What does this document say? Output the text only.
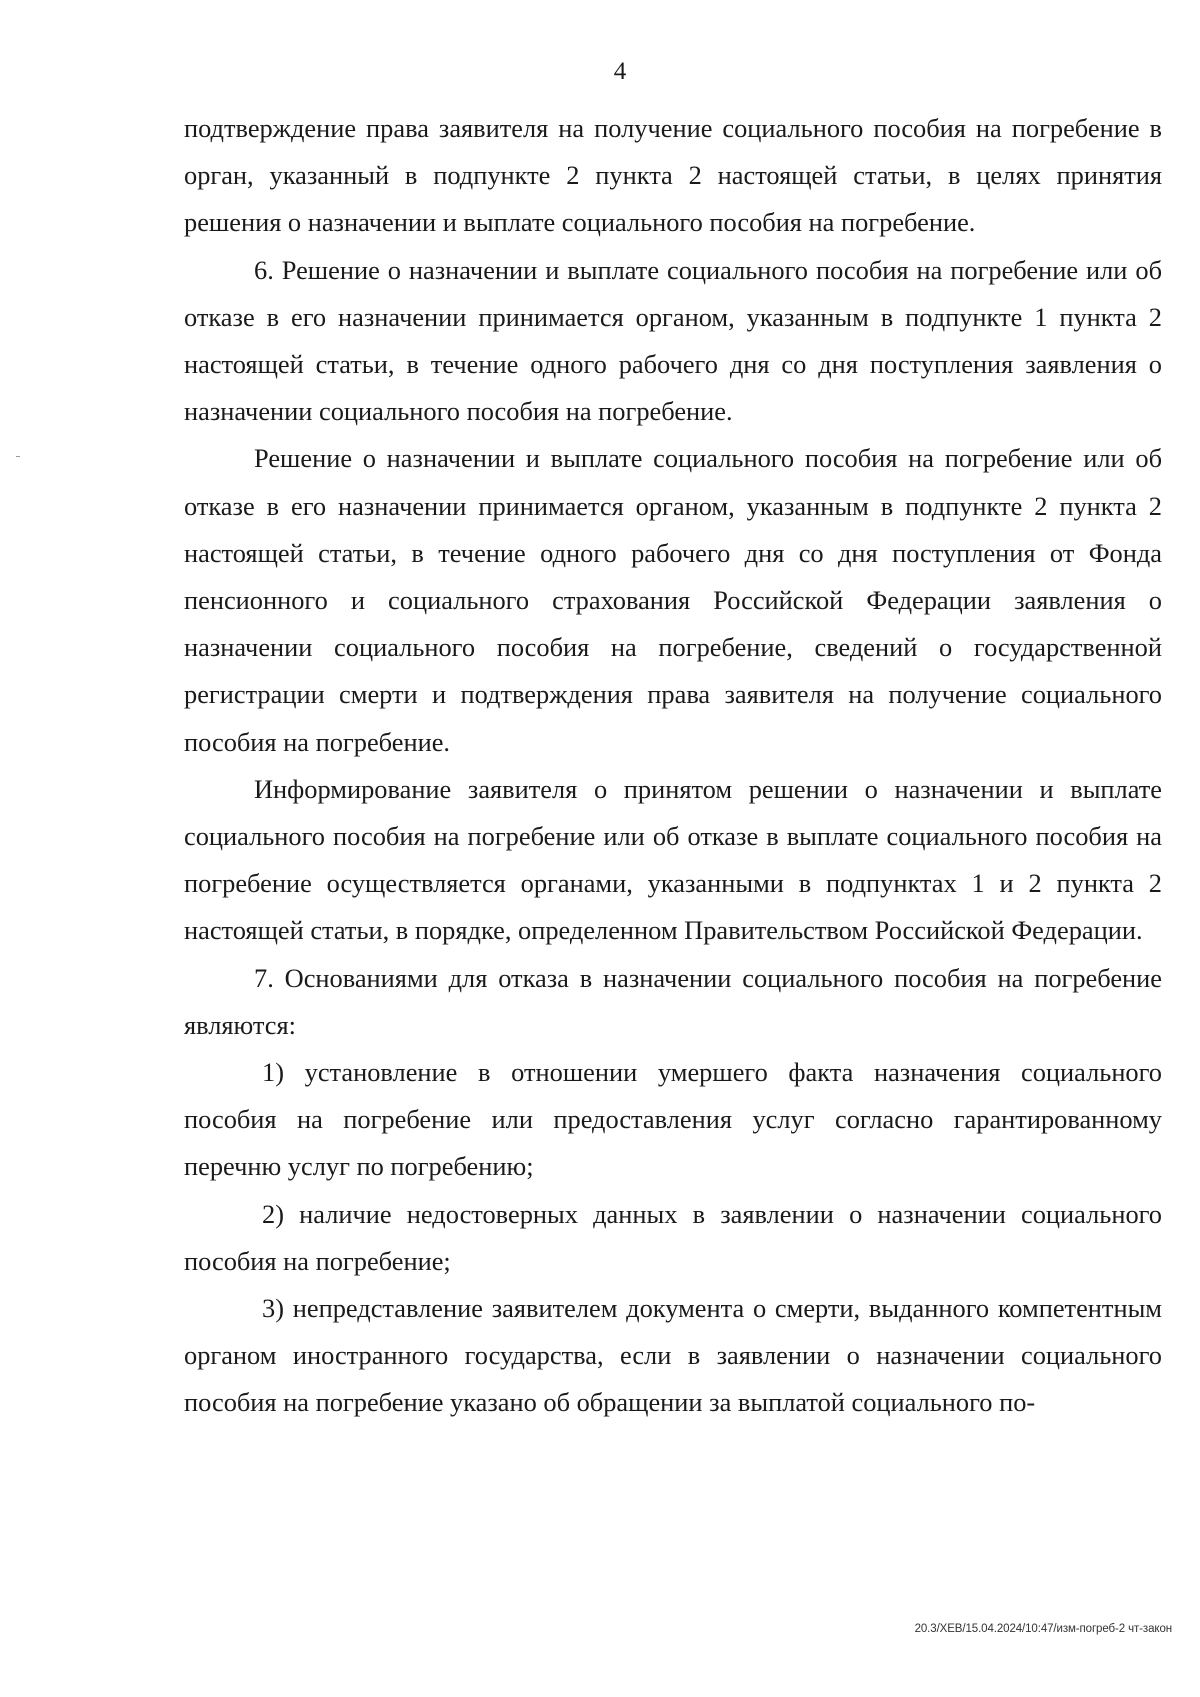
4

подтверждение права заявителя на получение социального пособия на погребение в орган, указанный в подпункте 2 пункта 2 настоящей статьи, в целях принятия решения о назначении и выплате социального пособия на погребение.

6. Решение о назначении и выплате социального пособия на погребение или об отказе в его назначении принимается органом, указанным в подпункте 1 пункта 2 настоящей статьи, в течение одного рабочего дня со дня поступления заявления о назначении социального пособия на погребение.

Решение о назначении и выплате социального пособия на погребение или об отказе в его назначении принимается органом, указанным в подпункте 2 пункта 2 настоящей статьи, в течение одного рабочего дня со дня поступления от Фонда пенсионного и социального страхования Российской Федерации заявления о назначении социального пособия на погребение, сведений о государственной регистрации смерти и подтверждения права заявителя на получение социального пособия на погребение.

Информирование заявителя о принятом решении о назначении и выплате социального пособия на погребение или об отказе в выплате социального пособия на погребение осуществляется органами, указанными в подпунктах 1 и 2 пункта 2 настоящей статьи, в порядке, определенном Правительством Российской Федерации.

7. Основаниями для отказа в назначении социального пособия на погребение являются:

1) установление в отношении умершего факта назначения социального пособия на погребение или предоставления услуг согласно гарантированному перечню услуг по погребению;

2) наличие недостоверных данных в заявлении о назначении социального пособия на погребение;

3) непредставление заявителем документа о смерти, выданного компетентным органом иностранного государства, если в заявлении о назначении социального пособия на погребение указано об обращении за выплатой социального по-

20.3/ХЕВ/15.04.2024/10:47/изм-погреб-2 чт-закон
